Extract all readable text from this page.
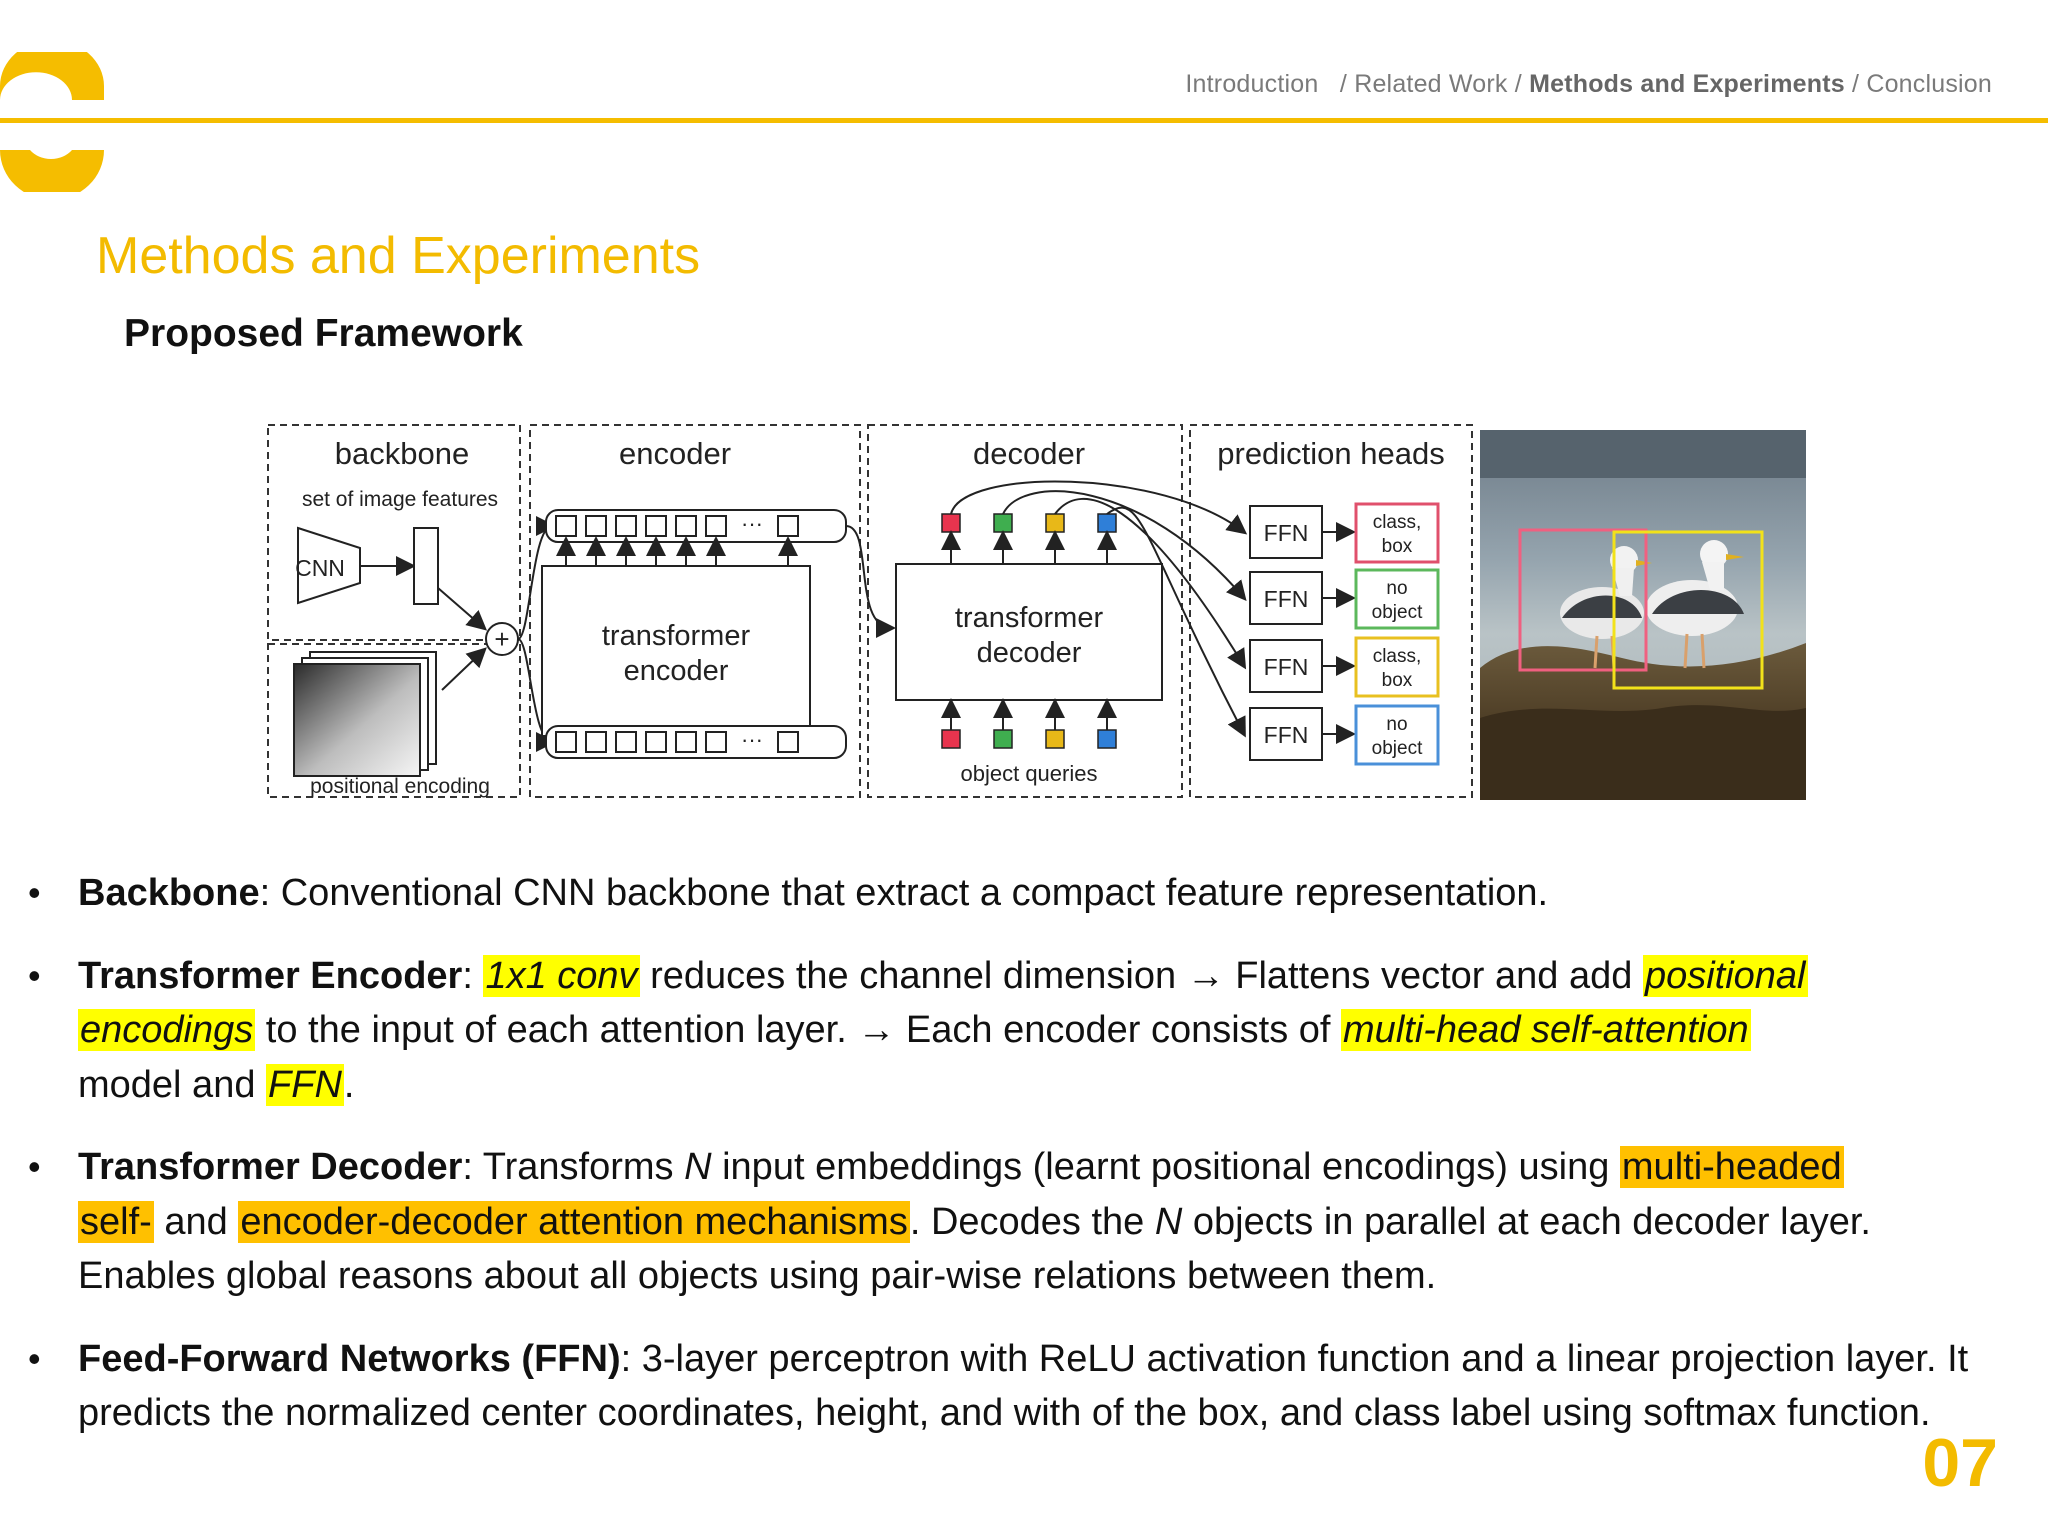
Introduction / Related Work / Methods and Experiments / Conclusion
Methods and Experiments
Proposed Framework
backbone	encoder	decoder	prediction heads
set of image features
CNN
positional encoding
+
···
transformer
encoder
···
transformer
decoder
object queries
FFN
FFN
FFN
FFN
class,
box
no
object
class,
box
no
object
• Backbone: Conventional CNN backbone that extract a compact feature representation.
• Transformer Encoder: 1x1 conv reduces the channel dimension → Flattens vector and add positional
encodings to the input of each attention layer. → Each encoder consists of multi-head self-attention
model and FFN.
• Transformer Decoder: Transforms N input embeddings (learnt positional encodings) using multi-headed
self- and encoder-decoder attention mechanisms. Decodes the N objects in parallel at each decoder layer. Enables global reasons about all objects using pair-wise relations between them.
• Feed-Forward Networks (FFN): 3-layer perceptron with ReLU activation function and a linear projection layer. It predicts the normalized center coordinates, height, and with of the box, and class label using softmax function.
07
